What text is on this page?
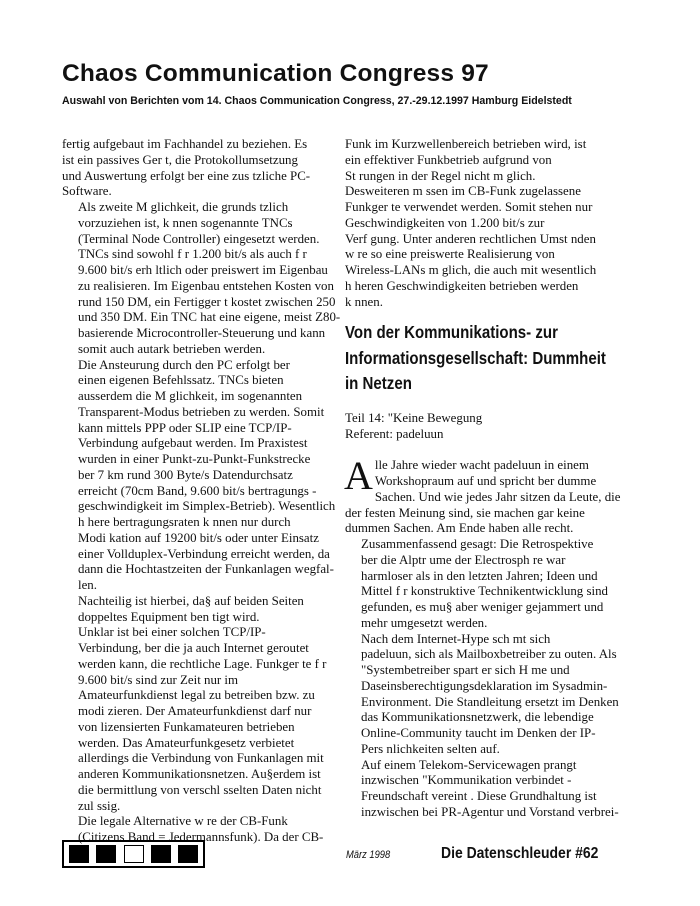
Chaos Communication Congress 97
Auswahl von Berichten vom 14. Chaos Communication Congress, 27.-29.12.1997 Hamburg Eidelstedt

fertig aufgebaut im Fachhandel zu beziehen. Es
ist ein passives Ger t, die Protokollumsetzung
und Auswertung erfolgt ber eine zus tzliche PC-
Software.

Als zweite M glichkeit, die grunds tzlich
vorzuziehen ist, k nnen sogenannte TNCs
(Terminal Node Controller) eingesetzt werden.
TNCs sind sowohl f r 1.200 bit/s als auch f r
9.600 bit/s erh ltlich oder preiswert im Eigenbau
zu realisieren. Im Eigenbau entstehen Kosten von
rund 150 DM, ein Fertigger t kostet zwischen 250
und 350 DM. Ein TNC hat eine eigene, meist Z80-
basierende Microcontroller-Steuerung und kann
somit auch autark betrieben werden.

Die Ansteurung durch den PC erfolgt ber
einen eigenen Befehlssatz. TNCs bieten
ausserdem die M glichkeit, im sogenannten
Transparent-Modus betrieben zu werden. Somit
kann mittels PPP oder SLIP eine TCP/IP-
Verbindung aufgebaut werden. Im Praxistest
wurden in einer Punkt-zu-Punkt-Funkstrecke
ber 7 km rund 300 Byte/s Datendurchsatz
erreicht (70cm Band, 9.600 bit/s bertragungs -
geschwindigkeit im Simplex-Betrieb). Wesentlich
h here bertragungsraten k nnen nur durch
Modi kation auf 19200 bit/s oder unter Einsatz
einer Vollduplex-Verbindung erreicht werden, da
dann die Hochtastzeiten der Funkanlagen wegfal-
len.

Nachteilig ist hierbei, da§ auf beiden Seiten
doppeltes Equipment ben tigt wird.

Unklar ist bei einer solchen TCP/IP-
Verbindung, ber die ja auch Internet geroutet
werden kann, die rechtliche Lage. Funkger te f r
9.600 bit/s sind zur Zeit nur im
Amateurfunkdienst legal zu betreiben bzw. zu
modi zieren. Der Amateurfunkdienst darf nur
von lizensierten Funkamateuren betrieben
werden. Das Amateurfunkgesetz verbietet
allerdings die Verbindung von Funkanlagen mit
anderen Kommunikationsnetzen. Au§erdem ist
die bermittlung von verschl sselten Daten nicht
zul ssig.

Die legale Alternative w re der CB-Funk
(Citizens Band = Jedermannsfunk). Da der CB-

Funk im Kurzwellenbereich betrieben wird, ist
ein effektiver Funkbetrieb aufgrund von
St rungen in der Regel nicht m glich.
Desweiteren m ssen im CB-Funk zugelassene
Funkger te verwendet werden. Somit stehen nur
Geschwindigkeiten von 1.200 bit/s zur
Verf gung. Unter anderen rechtlichen Umst nden
w re so eine preiswerte Realisierung von
Wireless-LANs m glich, die auch mit wesentlich
h heren Geschwindigkeiten betrieben werden
k nnen.
Von der Kommunikations- zur
Informationsgesellschaft: Dummheit
in Netzen
Teil 14: "Keine Bewegung
Referent: padeluun

A lle Jahre wieder wacht padeluun in einem
Workshopraum auf und spricht ber dumme
Sachen. Und wie jedes Jahr sitzen da Leute, die
der festen Meinung sind, sie machen gar keine
dummen Sachen. Am Ende haben alle recht.

Zusammenfassend gesagt: Die Retrospektive
ber die Alptr ume der Electrosph re war
harmloser als in den letzten Jahren; Ideen und
Mittel f r konstruktive Technikentwicklung sind
gefunden, es mu§ aber weniger gejammert und
mehr umgesetzt werden.

Nach dem Internet-Hype sch mt sich
padeluun, sich als Mailboxbetreiber zu outen. Als
"Systembetreiber spart er sich H me und
Daseinsberechtigungsdeklaration im Sysadmin-
Environment. Die Standleitung ersetzt im Denken
das Kommunikationsnetzwerk, die lebendige
Online-Community taucht im Denken der IP-
Pers nlichkeiten selten auf.

Auf einem Telekom-Servicewagen prangt
inzwischen "Kommunikation verbindet -
Freundschaft vereint . Diese Grundhaltung ist
inzwischen bei PR-Agentur und Vorstand verbrei-

März 1998	Die Datenschleuder #62
